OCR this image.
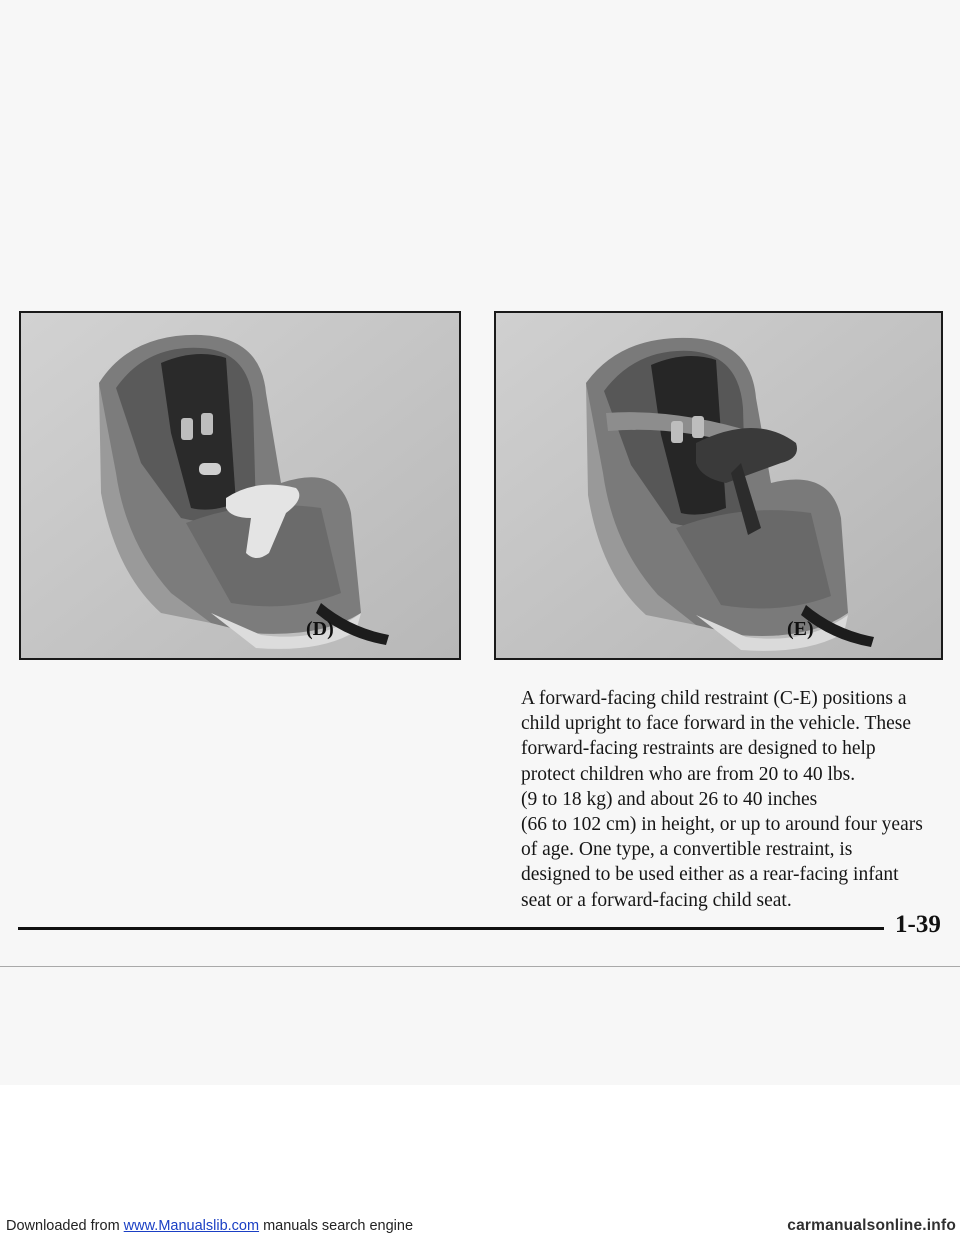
(D)	(E)

A forward-facing child restraint (C-E) positions a
child upright to face forward in the vehicle. These
forward-facing restraints are designed to help
protect children who are from 20 to 40 lbs.
(9 to 18 kg) and about 26 to 40 inches
(66 to 102 cm) in height, or up to around four years
of age. One type, a convertible restraint, is
designed to be used either as a rear-facing infant
seat or a forward-facing child seat.

1-39
Downloaded from www.Manualslib.com manuals search engine	carmanualsonline.info
